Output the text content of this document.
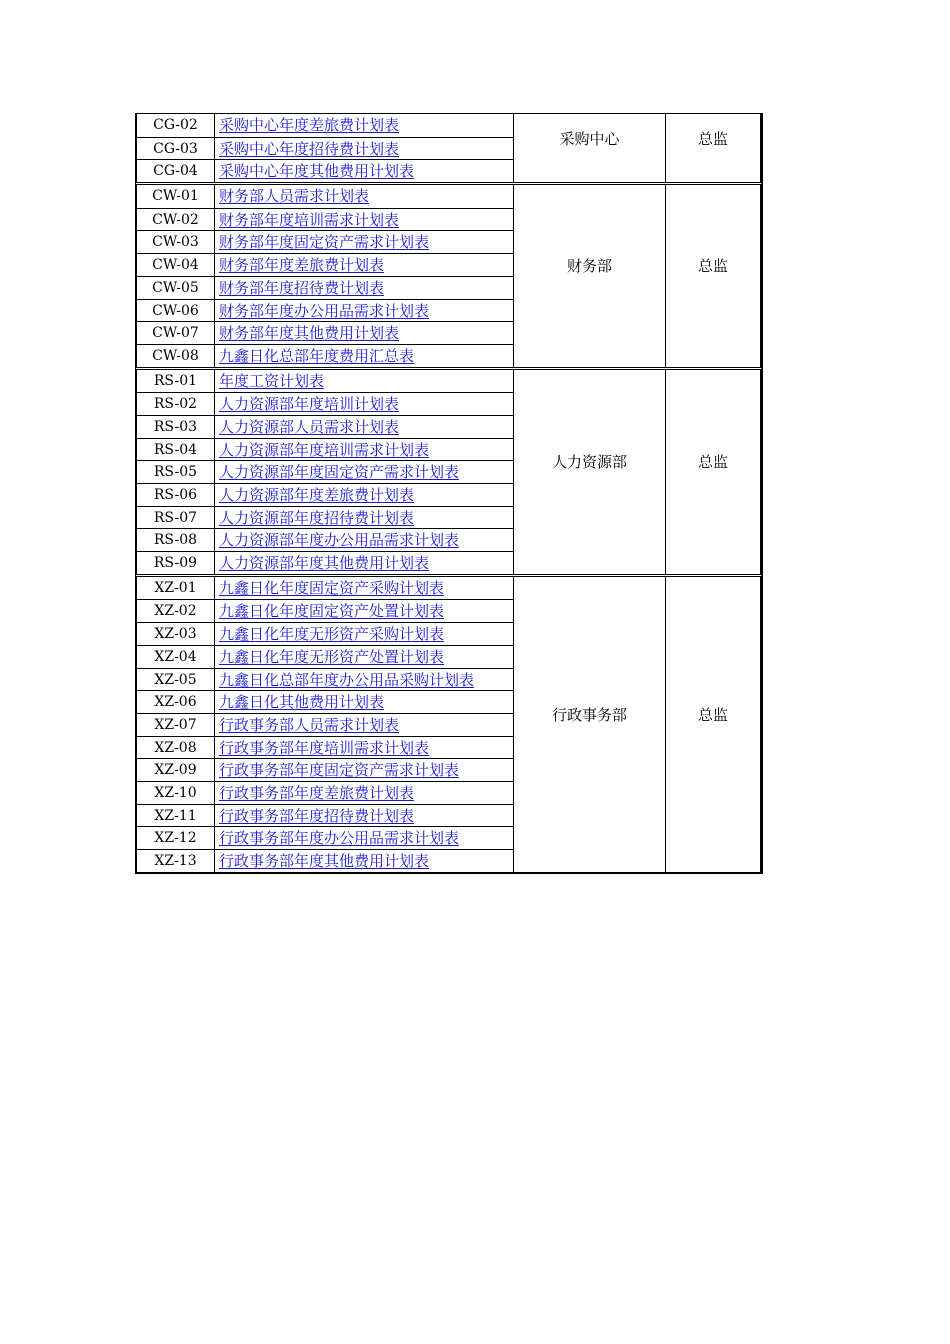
CG-02	采购中心年度差旅费计划表
CG-03	采购中心年度招待费计划表
CG-04	采购中心年度其他费用计划表
采购中心	总监
CW-01	财务部人员需求计划表
CW-02	财务部年度培训需求计划表
CW-03	财务部年度固定资产需求计划表
CW-04	财务部年度差旅费计划表
CW-05	财务部年度招待费计划表
CW-06	财务部年度办公用品需求计划表
CW-07	财务部年度其他费用计划表
CW-08	九鑫日化总部年度费用汇总表
财务部	总监
RS-01	年度工资计划表
RS-02	人力资源部年度培训计划表
RS-03	人力资源部人员需求计划表
RS-04	人力资源部年度培训需求计划表
RS-05	人力资源部年度固定资产需求计划表
RS-06	人力资源部年度差旅费计划表
RS-07	人力资源部年度招待费计划表
RS-08	人力资源部年度办公用品需求计划表
RS-09	人力资源部年度其他费用计划表
人力资源部	总监
XZ-01	九鑫日化年度固定资产采购计划表
XZ-02	九鑫日化年度固定资产处置计划表
XZ-03	九鑫日化年度无形资产采购计划表
XZ-04	九鑫日化年度无形资产处置计划表
XZ-05	九鑫日化总部年度办公用品采购计划表
XZ-06	九鑫日化其他费用计划表
XZ-07	行政事务部人员需求计划表
XZ-08	行政事务部年度培训需求计划表
XZ-09	行政事务部年度固定资产需求计划表
XZ-10	行政事务部年度差旅费计划表
XZ-11	行政事务部年度招待费计划表
XZ-12	行政事务部年度办公用品需求计划表
XZ-13	行政事务部年度其他费用计划表
行政事务部	总监
